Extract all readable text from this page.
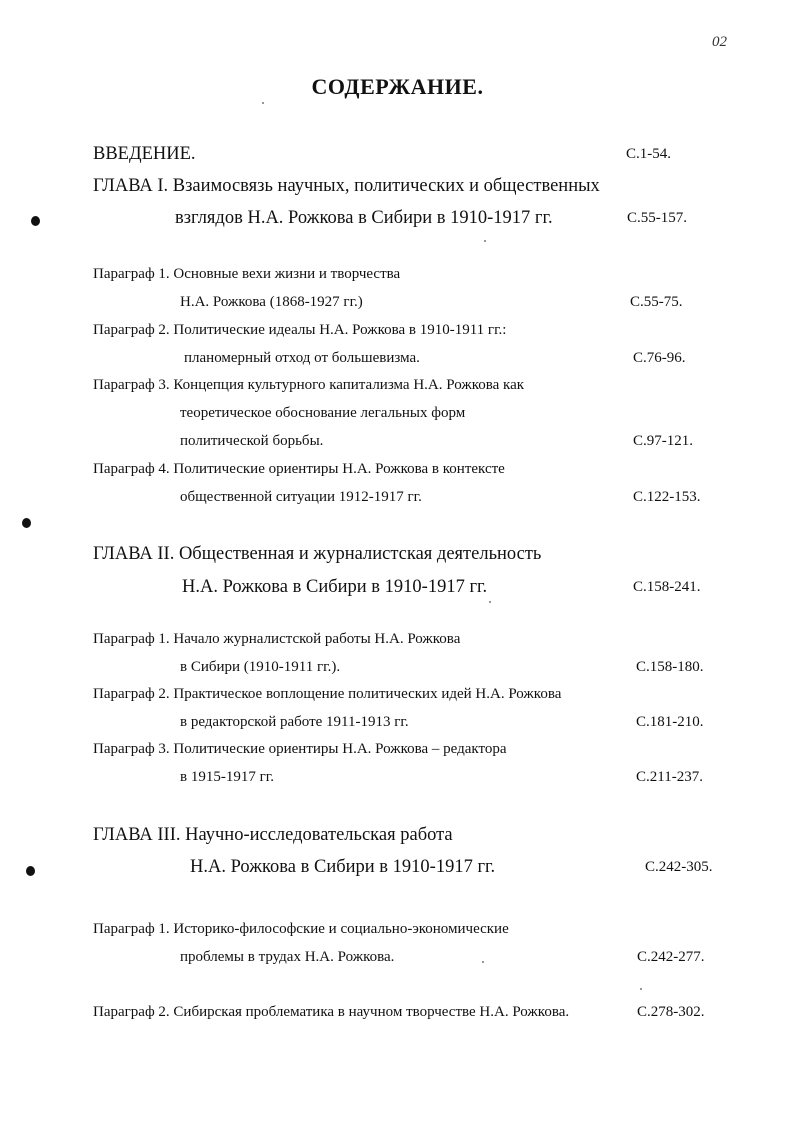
02
СОДЕРЖАНИЕ.
ВВЕДЕНИЕ.	С.1-54.
ГЛАВА I. Взаимосвязь научных, политических и общественных
взглядов Н.А. Рожкова в Сибири в 1910-1917 гг.	С.55-157.
Параграф 1. Основные вехи жизни и творчества
Н.А. Рожкова (1868-1927 гг.)	С.55-75.
Параграф 2. Политические идеалы Н.А. Рожкова в 1910-1911 гг.:
планомерный отход от большевизма.	С.76-96.
Параграф 3. Концепция культурного капитализма Н.А. Рожкова как
теоретическое обоснование легальных форм
политической борьбы.	С.97-121.
Параграф 4. Политические ориентиры Н.А. Рожкова в контексте
общественной ситуации 1912-1917 гг.	С.122-153.
ГЛАВА II. Общественная и журналистская деятельность
Н.А. Рожкова в Сибири в 1910-1917 гг.	С.158-241.
Параграф 1. Начало журналистской работы Н.А. Рожкова
в Сибири (1910-1911 гг.).	С.158-180.
Параграф 2. Практическое воплощение политических идей Н.А. Рожкова
в редакторской работе 1911-1913 гг.	С.181-210.
Параграф 3. Политические ориентиры Н.А. Рожкова – редактора
в 1915-1917 гг.	С.211-237.
ГЛАВА III. Научно-исследовательская работа
Н.А. Рожкова в Сибири в 1910-1917 гг.	С.242-305.
Параграф 1. Историко-философские и социально-экономические
проблемы в трудах Н.А. Рожкова.	С.242-277.
Параграф 2. Сибирская проблематика в научном творчестве Н.А. Рожкова.	С.278-302.
